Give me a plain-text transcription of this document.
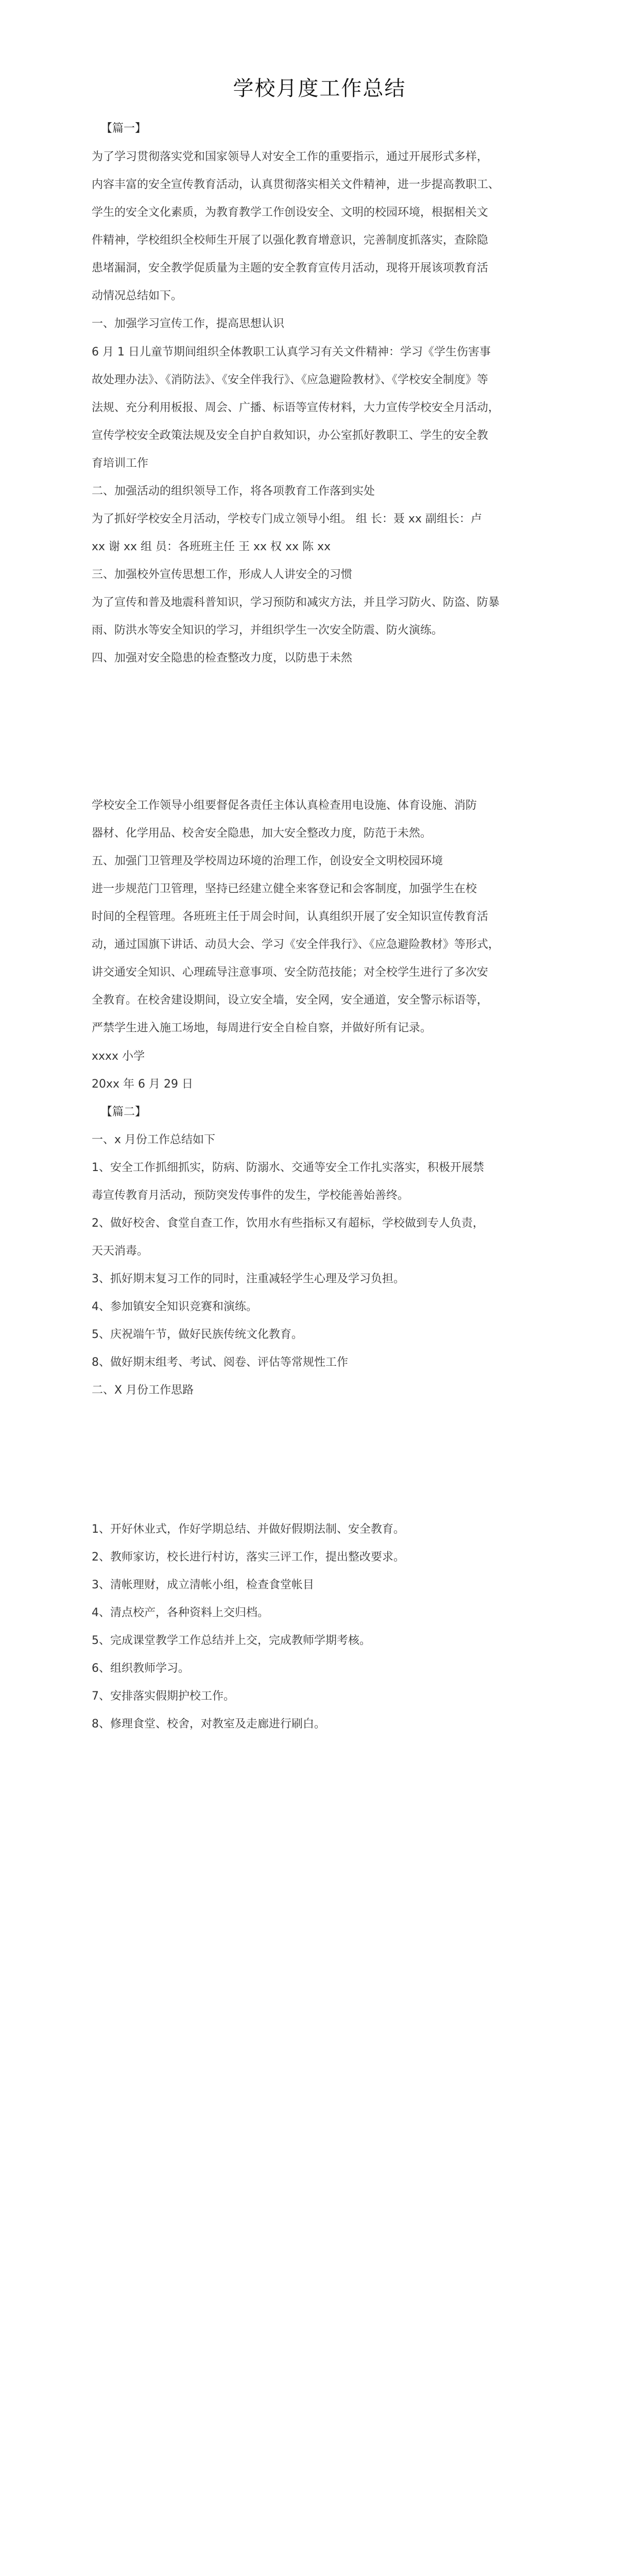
学校月度工作总结
【篇一】
为了学习贯彻落实党和国家领导人对安全工作的重要指示，通过开展形式多样，
内容丰富的安全宣传教育活动，认真贯彻落实相关文件精神，进一步提高教职工、
学生的安全文化素质，为教育教学工作创设安全、文明的校园环境，根据相关文
件精神，学校组织全校师生开展了以强化教育增意识，完善制度抓落实，查除隐
患堵漏洞，安全教学促质量为主题的安全教育宣传月活动，现将开展该项教育活
动情况总结如下。
一、加强学习宣传工作，提高思想认识
6 月 1 日儿童节期间组织全体教职工认真学习有关文件精神：学习《学生伤害事
故处理办法》、《消防法》、《安全伴我行》、《应急避险教材》、《学校安全制度》等
法规、充分利用板报、周会、广播、标语等宣传材料，大力宣传学校安全月活动，
宣传学校安全政策法规及安全自护自救知识，办公室抓好教职工、学生的安全教
育培训工作
二、加强活动的组织领导工作，将各项教育工作落到实处
为了抓好学校安全月活动，学校专门成立领导小组。 组 长：聂 xx 副组长：卢
xx 谢 xx 组 员：各班班主任 王 xx 权 xx 陈 xx
三、加强校外宣传思想工作，形成人人讲安全的习惯
为了宣传和普及地震科普知识，学习预防和减灾方法，并且学习防火、防盗、防暴
雨、防洪水等安全知识的学习，并组织学生一次安全防震、防火演练。
四、加强对安全隐患的检查整改力度，以防患于未然
学校安全工作领导小组要督促各责任主体认真检查用电设施、体育设施、消防
器材、化学用品、校舍安全隐患，加大安全整改力度，防范于未然。
五、加强门卫管理及学校周边环境的治理工作，创设安全文明校园环境
进一步规范门卫管理，坚持已经建立健全来客登记和会客制度，加强学生在校
时间的全程管理。各班班主任于周会时间，认真组织开展了安全知识宣传教育活
动，通过国旗下讲话、动员大会、学习《安全伴我行》、《应急避险教材》等形式，
讲交通安全知识、心理疏导注意事项、安全防范技能；对全校学生进行了多次安
全教育。在校舍建设期间，设立安全墙，安全网，安全通道，安全警示标语等，
严禁学生进入施工场地，每周进行安全自检自察，并做好所有记录。
xxxx 小学
20xx 年 6 月 29 日
【篇二】
一、x 月份工作总结如下
1、安全工作抓细抓实，防病、防溺水、交通等安全工作扎实落实，积极开展禁
毒宣传教育月活动，预防突发传事件的发生，学校能善始善终。
2、做好校舍、食堂自查工作，饮用水有些指标又有超标，学校做到专人负责，
天天消毒。
3、抓好期末复习工作的同时，注重减轻学生心理及学习负担。
4、参加镇安全知识竞赛和演练。
5、庆祝端午节，做好民族传统文化教育。
8、做好期末组考、考试、阅卷、评估等常规性工作
二、X 月份工作思路
1、开好休业式，作好学期总结、并做好假期法制、安全教育。
2、教师家访，校长进行村访，落实三评工作，提出整改要求。
3、清帐理财，成立清帐小组，检查食堂帐目
4、清点校产，各种资料上交归档。
5、完成课堂教学工作总结并上交，完成教师学期考核。
6、组织教师学习。
7、安排落实假期护校工作。
8、修理食堂、校舍，对教室及走廊进行刷白。
